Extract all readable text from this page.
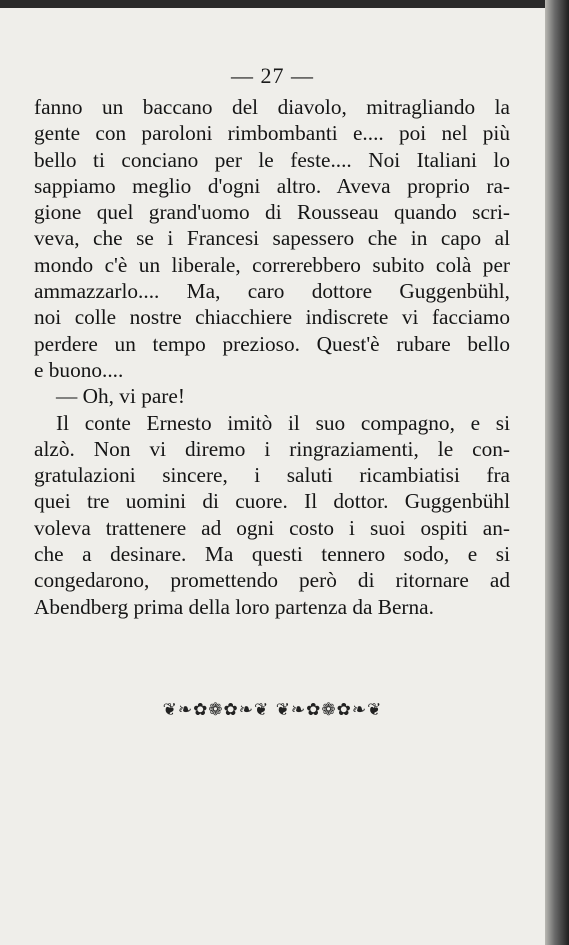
— 27 —
fanno un baccano del diavolo, mitragliando la
gente con paroloni rimbombanti e.... poi nel più
bello ti conciano per le feste.... Noi Italiani lo
sappiamo meglio d'ogni altro. Aveva proprio ra-
gione quel grand'uomo di Rousseau quando scri-
veva, che se i Francesi sapessero che in capo al
mondo c'è un liberale, correrebbero subito colà per
ammazzarlo.... Ma, caro dottore Guggenbühl,
noi colle nostre chiacchiere indiscrete vi facciamo
perdere un tempo prezioso. Quest'è rubare bello
e buono....
— Oh, vi pare!
Il conte Ernesto imitò il suo compagno, e si
alzò. Non vi diremo i ringraziamenti, le con-
gratulazioni sincere, i saluti ricambiatisi fra
quei tre uomini di cuore. Il dottor. Guggenbühl
voleva trattenere ad ogni costo i suoi ospiti an-
che a desinare. Ma questi tennero sodo, e si
congedarono, promettendo però di ritornare ad
Abendberg prima della loro partenza da Berna.
❦❧✿❁✿❧❦ ❦❧✿❁✿❧❦
